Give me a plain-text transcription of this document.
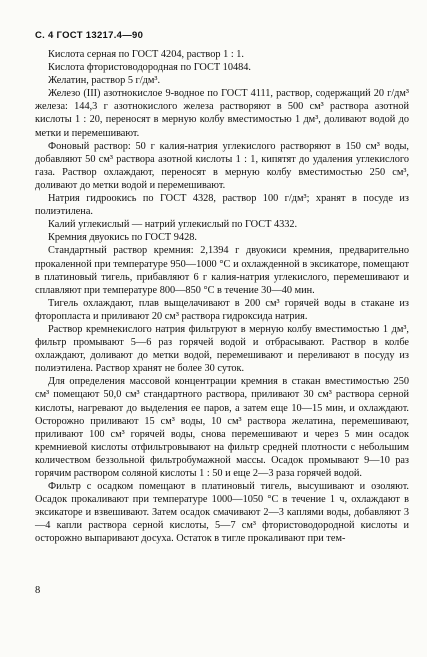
С. 4 ГОСТ 13217.4—90

Кислота серная по ГОСТ 4204, раствор 1 : 1.

Кислота фтористоводородная по ГОСТ 10484.

Желатин, раствор 5 г/дм³.

Железо (III) азотнокислое 9-водное по ГОСТ 4111, раствор, содержащий 20 г/дм³ железа: 144,3 г азотнокислого железа растворяют в 500 см³ раствора азотной кислоты 1 : 20, переносят в мерную колбу вместимостью 1 дм³, доливают водой до метки и перемешивают.

Фоновый раствор: 50 г калия-натрия углекислого растворяют в 150 см³ воды, добавляют 50 см³ раствора азотной кислоты 1 : 1, кипятят до удаления углекислого газа. Раствор охлаждают, переносят в мерную колбу вместимостью 250 см³, доливают до метки водой и перемешивают.

Натрия гидроокись по ГОСТ 4328, раствор 100 г/дм³; хранят в посуде из полиэтилена.

Калий углекислый — натрий углекислый по ГОСТ 4332.

Кремния двуокись по ГОСТ 9428.

Стандартный раствор кремния: 2,1394 г двуокиси кремния, предварительно прокаленной при температуре 950—1000 °С и охлажденной в эксикаторе, помещают в платиновый тигель, прибавляют 6 г калия-натрия углекислого, перемешивают и сплавляют при температуре 800—850 °С в течение 30—40 мин.

Тигель охлаждают, плав выщелачивают в 200 см³ горячей воды в стакане из фторопласта и приливают 20 см³ раствора гидроксида натрия.

Раствор кремнекислого натрия фильтруют в мерную колбу вместимостью 1 дм³, фильтр промывают 5—6 раз горячей водой и отбрасывают. Раствор в колбе охлаждают, доливают до метки водой, перемешивают и переливают в посуду из полиэтилена. Раствор хранят не более 30 суток.

Для определения массовой концентрации кремния в стакан вместимостью 250 см³ помещают 50,0 см³ стандартного раствора, приливают 30 см³ раствора серной кислоты, нагревают до выделения ее паров, а затем еще 10—15 мин, и охлаждают. Осторожно приливают 15 см³ воды, 10 см³ раствора желатина, перемешивают, приливают 100 см³ горячей воды, снова перемешивают и через 5 мин осадок кремниевой кислоты отфильтровывают на фильтр средней плотности с небольшим количеством беззольной фильтробумажной массы. Осадок промывают 9—10 раз горячим раствором соляной кислоты 1 : 50 и еще 2—3 раза горячей водой.

Фильтр с осадком помещают в платиновый тигель, высушивают и озоляют. Осадок прокаливают при температуре 1000—1050 °С в течение 1 ч, охлаждают в эксикаторе и взвешивают. Затем осадок смачивают 2—3 каплями воды, добавляют 3—4 капли раствора серной кислоты, 5—7 см³ фтористоводородной кислоты и осторожно выпаривают досуха. Остаток в тигле прокаливают при тем-

8
